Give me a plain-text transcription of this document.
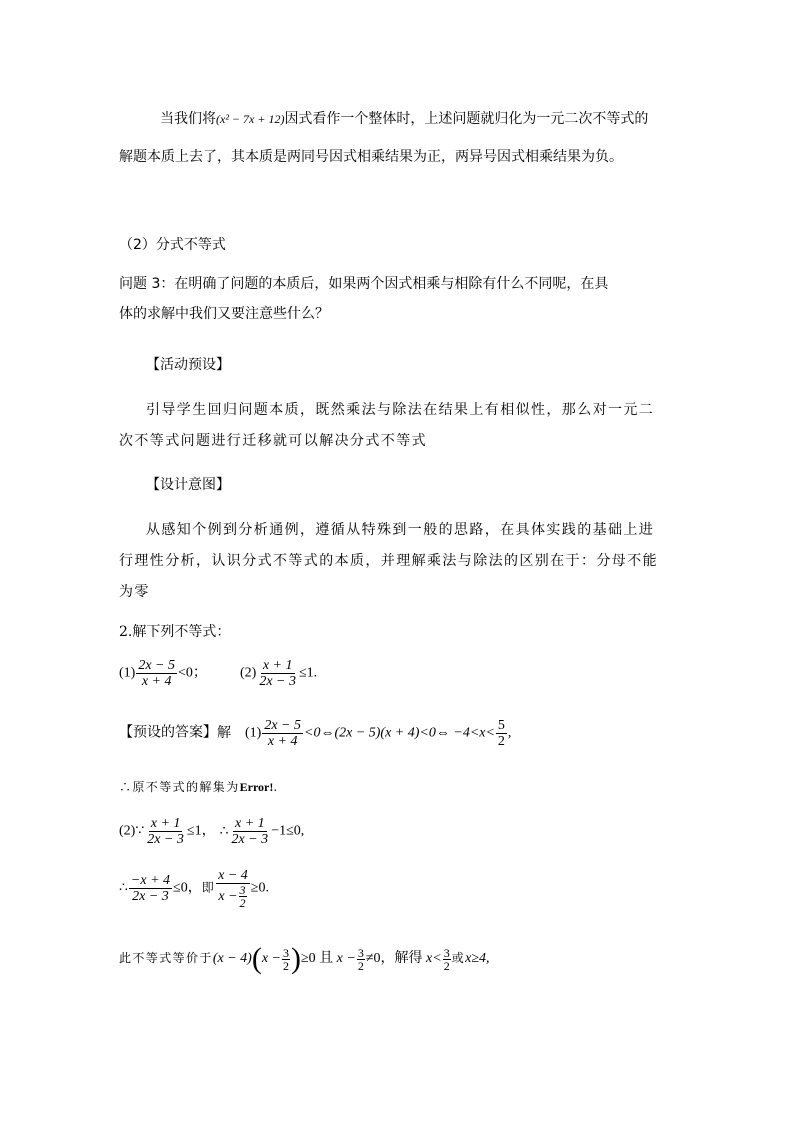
当我们将(x² − 7x + 12)因式看作一个整体时，上述问题就归化为一元二次不等式的
解题本质上去了，其本质是两同号因式相乘结果为正，两异号因式相乘结果为负。
（2）分式不等式
问题 3：在明确了问题的本质后，如果两个因式相乘与相除有什么不同呢，在具
体的求解中我们又要注意些什么？
【活动预设】
引导学生回归问题本质，既然乘法与除法在结果上有相似性，那么对一元二
次不等式问题进行迁移就可以解决分式不等式
【设计意图】
从感知个例到分析通例，遵循从特殊到一般的思路，在具体实践的基础上进
行理性分析，认识分式不等式的本质，并理解乘法与除法的区别在于：分母不能
为零
2.解下列不等式：
$(1) \frac{2x - 5}{x + 4} <0$； $(2) \frac{x + 1}{2x - 3} \le 1$.
【预设的答案】解 $(1) \frac{2x - 5}{x + 4}$ <0⇔(2x − 5)(x + 4)<0⇔ $-4<x< \frac{5}{2}$ ,
∴原不等式的解集为Error!.
(2)∵ $\frac{x + 1}{2x - 3} \le 1$， ∴ $\frac{x + 1}{2x - 3} -1\le 0$,
∴ $\frac{-x + 4}{2x - 3} \le 0$，即 $\frac{x - 4}{x - \frac{3}{2}} \ge 0$.
此不等式等价于$(x - 4)(x - \frac{3}{2} )\ge 0$ 且 $x - \frac{3}{2} \ne 0$，解得 $x< \frac{3}{2}$ 或x≥4,
